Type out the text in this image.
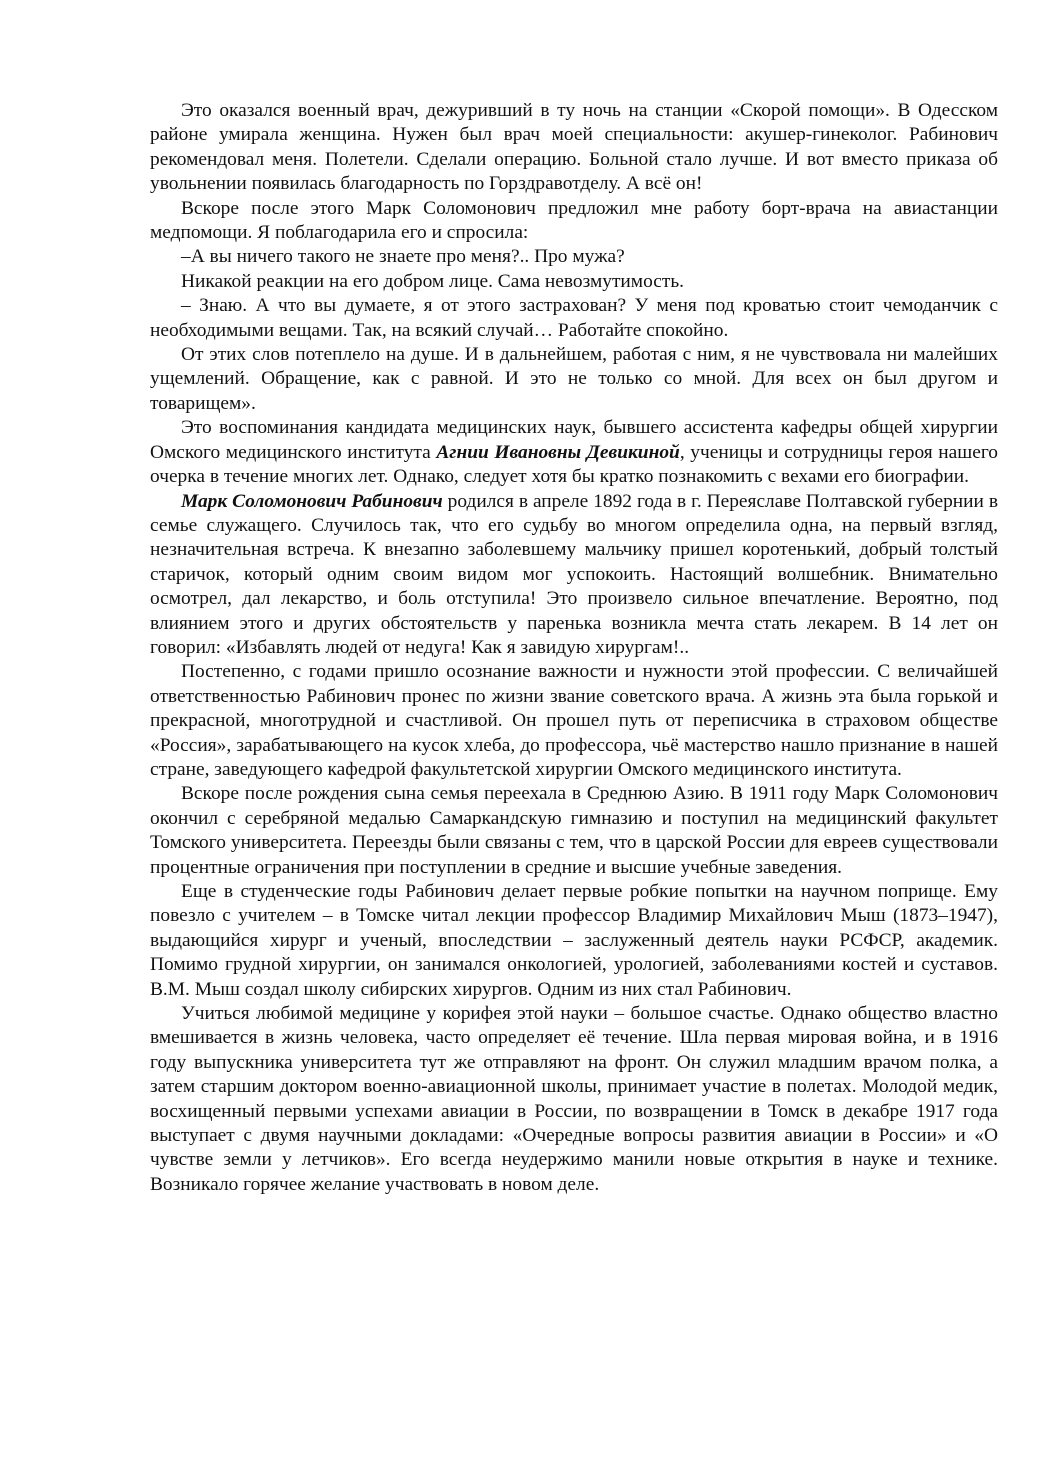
Это оказался военный врач, дежуривший в ту ночь на станции «Скорой помощи». В Одесском районе умирала женщина. Нужен был врач моей специальности: акушер-гинеколог. Рабинович рекомендовал меня. Полетели. Сделали операцию. Больной стало лучше. И вот вместо приказа об увольнении появилась благодарность по Горздравотделу. А всё он!

Вскоре после этого Марк Соломонович предложил мне работу борт-врача на авиастанции медпомощи. Я поблагодарила его и спросила:

–А вы ничего такого не знаете про меня?.. Про мужа?

Никакой реакции на его добром лице. Сама невозмутимость.

– Знаю. А что вы думаете, я от этого застрахован? У меня под кроватью стоит чемоданчик с необходимыми вещами. Так, на всякий случай… Работайте спокойно.

От этих слов потеплело на душе. И в дальнейшем, работая с ним, я не чувствовала ни малейших ущемлений. Обращение, как с равной. И это не только со мной. Для всех он был другом и товарищем».

Это воспоминания кандидата медицинских наук, бывшего ассистента кафедры общей хирургии Омского медицинского института Агнии Ивановны Девикиной, ученицы и сотрудницы героя нашего очерка в течение многих лет. Однако, следует хотя бы кратко познакомить с вехами его биографии.

Марк Соломонович Рабинович родился в апреле 1892 года в г. Переяславе Полтавской губернии в семье служащего. Случилось так, что его судьбу во многом определила одна, на первый взгляд, незначительная встреча. К внезапно заболевшему мальчику пришел коротенький, добрый толстый старичок, который одним своим видом мог успокоить. Настоящий волшебник. Внимательно осмотрел, дал лекарство, и боль отступила! Это произвело сильное впечатление. Вероятно, под влиянием этого и других обстоятельств у паренька возникла мечта стать лекарем. В 14 лет он говорил: «Избавлять людей от недуга! Как я завидую хирургам!..

Постепенно, с годами пришло осознание важности и нужности этой профессии. С величайшей ответственностью Рабинович пронес по жизни звание советского врача. А жизнь эта была горькой и прекрасной, многотрудной и счастливой. Он прошел путь от переписчика в страховом обществе «Россия», зарабатывающего на кусок хлеба, до профессора, чьё мастерство нашло признание в нашей стране, заведующего кафедрой факультетской хирургии Омского медицинского института.

Вскоре после рождения сына семья переехала в Среднюю Азию. В 1911 году Марк Соломонович окончил с серебряной медалью Самаркандскую гимназию и поступил на медицинский факультет Томского университета. Переезды были связаны с тем, что в царской России для евреев существовали процентные ограничения при поступлении в средние и высшие учебные заведения.

Еще в студенческие годы Рабинович делает первые робкие попытки на научном поприще. Ему повезло с учителем – в Томске читал лекции профессор Владимир Михайлович Мыш (1873–1947), выдающийся хирург и ученый, впоследствии – заслуженный деятель науки РСФСР, академик. Помимо грудной хирургии, он занимался онкологией, урологией, заболеваниями костей и суставов. В.М. Мыш создал школу сибирских хирургов. Одним из них стал Рабинович.

Учиться любимой медицине у корифея этой науки – большое счастье. Однако общество властно вмешивается в жизнь человека, часто определяет её течение. Шла первая мировая война, и в 1916 году выпускника университета тут же отправляют на фронт. Он служил младшим врачом полка, а затем старшим доктором военно-авиационной школы, принимает участие в полетах. Молодой медик, восхищенный первыми успехами авиации в России, по возвращении в Томск в декабре 1917 года выступает с двумя научными докладами: «Очередные вопросы развития авиации в России» и «О чувстве земли у летчиков». Его всегда неудержимо манили новые открытия в науке и технике. Возникало горячее желание участвовать в новом деле.
